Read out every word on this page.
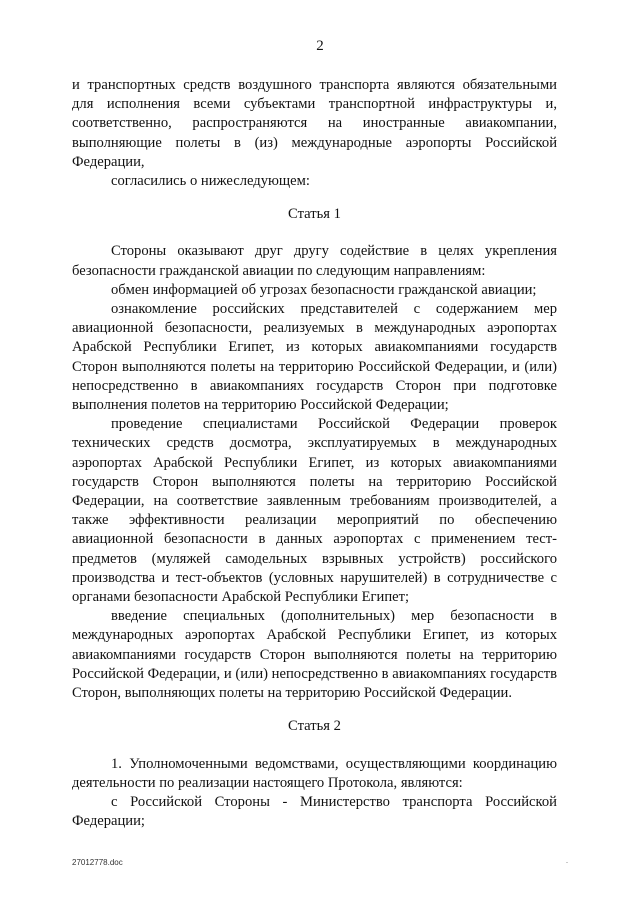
2

и транспортных средств воздушного транспорта являются обязательными для исполнения всеми субъектами транспортной инфраструктуры и, соответственно, распространяются на иностранные авиакомпании, выполняющие полеты в (из) международные аэропорты Российской Федерации,

согласились о нижеследующем:

Статья 1

Стороны оказывают друг другу содействие в целях укрепления безопасности гражданской авиации по следующим направлениям:

обмен информацией об угрозах безопасности гражданской авиации;

ознакомление российских представителей с содержанием мер авиационной безопасности, реализуемых в международных аэропортах Арабской Республики Египет, из которых авиакомпаниями государств Сторон выполняются полеты на территорию Российской Федерации, и (или) непосредственно в авиакомпаниях государств Сторон при подготовке выполнения полетов на территорию Российской Федерации;

проведение специалистами Российской Федерации проверок технических средств досмотра, эксплуатируемых в международных аэропортах Арабской Республики Египет, из которых авиакомпаниями государств Сторон выполняются полеты на территорию Российской Федерации, на соответствие заявленным требованиям производителей, а также эффективности реализации мероприятий по обеспечению авиационной безопасности в данных аэропортах с применением тест-предметов (муляжей самодельных взрывных устройств) российского производства и тест-объектов (условных нарушителей) в сотрудничестве с органами безопасности Арабской Республики Египет;

введение специальных (дополнительных) мер безопасности в международных аэропортах Арабской Республики Египет, из которых авиакомпаниями государств Сторон выполняются полеты на территорию Российской Федерации, и (или) непосредственно в авиакомпаниях государств Сторон, выполняющих полеты на территорию Российской Федерации.

Статья 2

1. Уполномоченными ведомствами, осуществляющими координацию деятельности по реализации настоящего Протокола, являются:

с Российской Стороны - Министерство транспорта Российской Федерации;

27012778.doc	.
